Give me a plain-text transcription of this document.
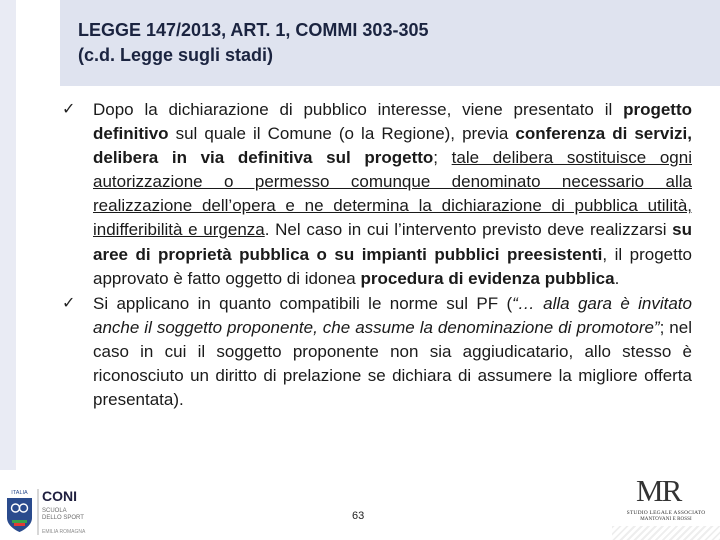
LEGGE 147/2013, ART. 1, COMMI 303-305
(c.d. Legge sugli stadi)
✓ Dopo la dichiarazione di pubblico interesse, viene presentato il progetto definitivo sul quale il Comune (o la Regione), previa conferenza di servizi, delibera in via definitiva sul progetto; tale delibera sostituisce ogni autorizzazione o permesso comunque denominato necessario alla realizzazione dell’opera e ne determina la dichiarazione di pubblica utilità, indifferibilità e urgenza. Nel caso in cui l’intervento previsto deve realizzarsi su aree di proprietà pubblica o su impianti pubblici preesistenti, il progetto approvato è fatto oggetto di idonea procedura di evidenza pubblica.

✓ Si applicano in quanto compatibili le norme sul PF (“… alla gara è invitato anche il soggetto proponente, che assume la denominazione di promotore”; nel caso in cui il soggetto proponente non sia aggiudicatario, allo stesso è riconosciuto un diritto di prelazione se dichiara di assumere la migliore offerta presentata).

63
ITALIA CONI
SCUOLA
DELLO SPORT
EMILIA ROMAGNA
MR
STUDIO LEGALE ASSOCIATO
MANTOVANI E ROSSI
